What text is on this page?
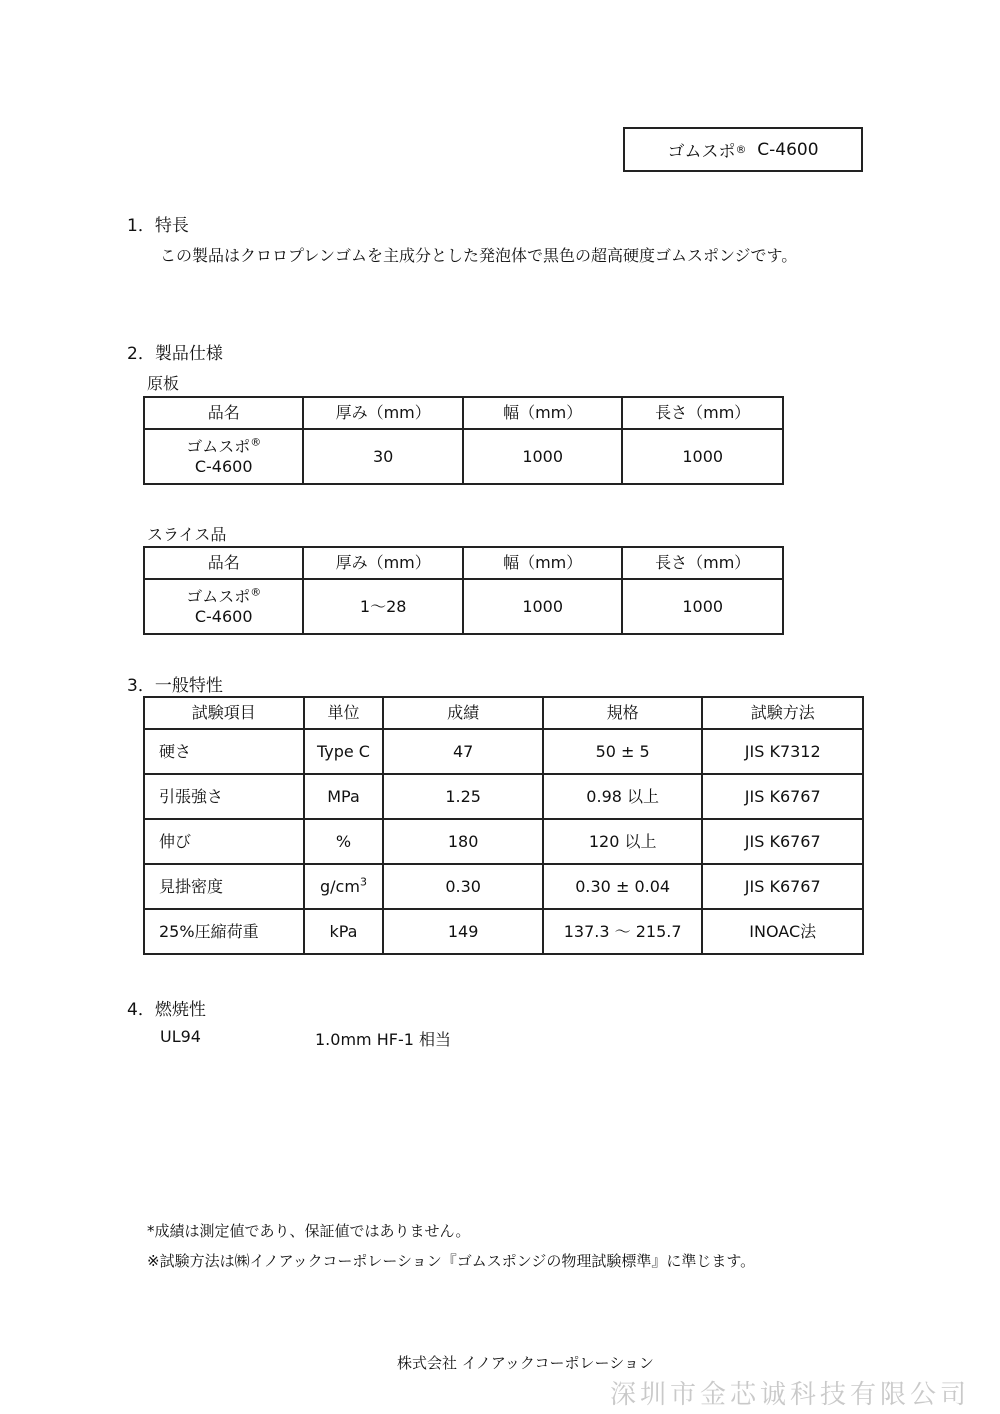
ゴムスポ ®
C-4600
1．特長
この製品はクロロプレンゴムを主成分とした発泡体で黒色の超高硬度ゴムスポンジです。
2．製品仕様
原板
品名	厚み（mm）	幅（mm）	長さ（mm）
ゴムスポ®
C-4600	30	1000	1000
スライス品
品名	厚み（mm）	幅（mm）	長さ（mm）
ゴムスポ®
C-4600	1～28	1000	1000
3．一般特性
試験項目	単位	成績	規格	試験方法
硬さ	Type C	47	50 ± 5	JIS K7312
引張強さ	MPa	1.25	0.98 以上	JIS K6767
伸び	%	180	120 以上	JIS K6767
見掛密度	$g/cm^3$	0.30	0.30 ± 0.04	JIS K6767
25%圧縮荷重	kPa	149	137.3 ～ 215.7	INOAC法
4．燃焼性
UL94	1.0mm HF-1 相当
*成績は測定値であり、保証値ではありません。
※試験方法は㈱イノアックコーポレーション『ゴムスポンジの物理試験標準』に準じます。
株式会社 イノアックコーポレーション
深圳市金芯诚科技有限公司
